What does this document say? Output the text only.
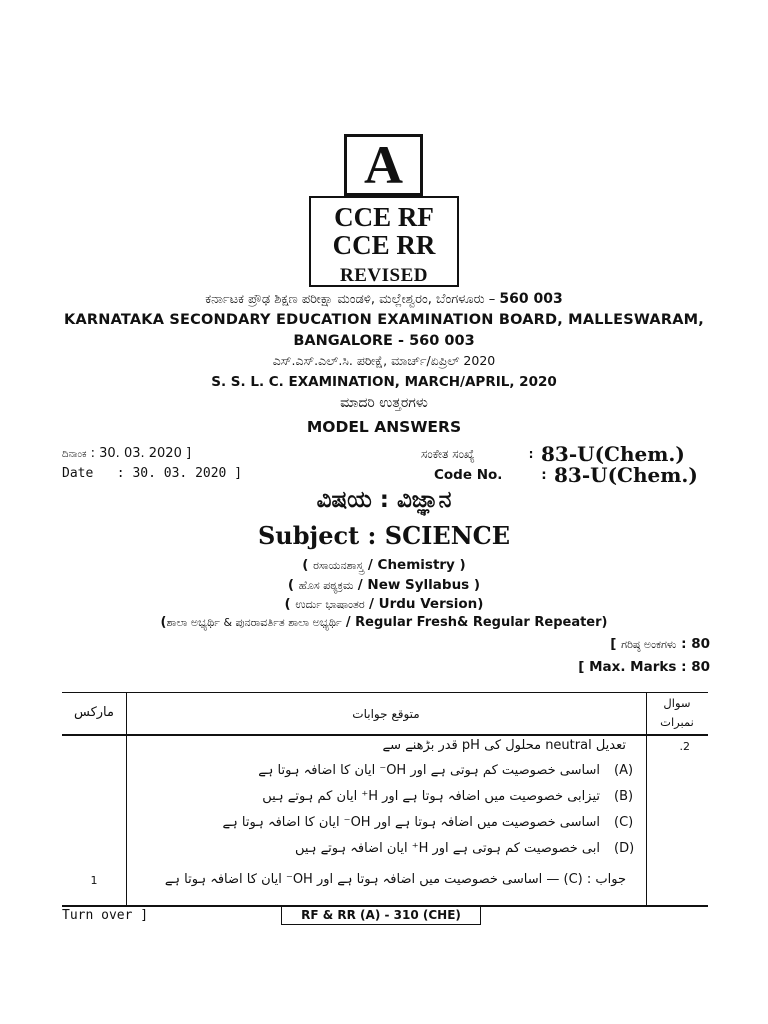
A
CCE RF
CCE RR
REVISED
ಕರ್ನಾಟಕ ಪ್ರೌಢ ಶಿಕ್ಷಣ ಪರೀಕ್ಷಾ ಮಂಡಳಿ, ಮಲ್ಲೇಶ್ವರಂ, ಬೆಂಗಳೂರು – 560 003
KARNATAKA SECONDARY EDUCATION EXAMINATION BOARD, MALLESWARAM,
BANGALORE - 560 003
ಎಸ್.ಎಸ್.ಎಲ್.ಸಿ. ಪರೀಕ್ಷೆ, ಮಾರ್ಚ್/ಏಪ್ರಿಲ್ 2020
S. S. L. C. EXAMINATION, MARCH/APRIL, 2020
ಮಾದರಿ ಉತ್ತರಗಳು
MODEL ANSWERS
ದಿನಾಂಕ : 30. 03. 2020 ]
Date : 30. 03. 2020 ]
ಸಂಕೇತ ಸಂಖ್ಯೆ	: 83-U(Chem.)
Code No.	: 83-U(Chem.)
ವಿಷಯ : ವಿಜ್ಞಾನ
Subject : SCIENCE
( ರಸಾಯನಶಾಸ್ತ್ರ / Chemistry )
( ಹೊಸ ಪಠ್ಯಕ್ರಮ / New Syllabus )
( ಉರ್ದು ಭಾಷಾಂತರ / Urdu Version)
(ಶಾಲಾ ಅಭ್ಯರ್ಥಿ & ಪುನರಾವರ್ತಿತ ಶಾಲಾ ಅಭ್ಯರ್ಥಿ / Regular Fresh& Regular Repeater)
[ ಗರಿಷ್ಠ ಅಂಕಗಳು : 80
[ Max. Marks : 80
مارکس	متوقع جوابات
سوال
نمبرات
.2
تعدیل neutral محلول کی pH قدر بڑھنے سے
اساسی خصوصیت کم ہوتی ہے اور OH⁻ ایان کا اضافہ ہوتا ہے (A)
تیزابی خصوصیت میں اضافہ ہوتا ہے اور H⁺ ایان کم ہوتے ہیں (B)
اساسی خصوصیت میں اضافہ ہوتا ہے اور OH⁻ ایان کا اضافہ ہوتا ہے (C)
ابی خصوصیت کم ہوتی ہے اور H⁺ ایان اضافہ ہوتے ہیں (D)
جواب : (C) — اساسی خصوصیت میں اضافہ ہوتا ہے اور OH⁻ ایان کا اضافہ ہوتا ہے
1
Turn over ]	RF & RR (A) - 310 (CHE)
